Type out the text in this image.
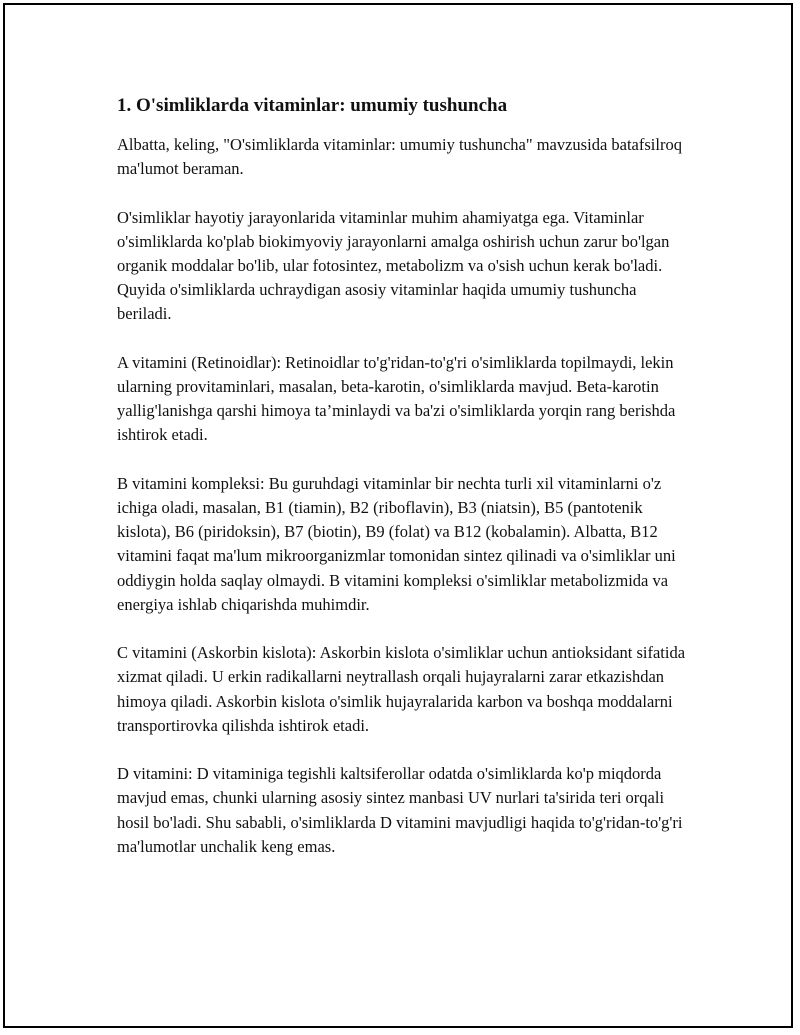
1. O'simliklarda vitaminlar: umumiy tushuncha

Albatta, keling, "O'simliklarda vitaminlar: umumiy tushuncha" mavzusida batafsilroq ma'lumot beraman.

O'simliklar hayotiy jarayonlarida vitaminlar muhim ahamiyatga ega. Vitaminlar o'simliklarda ko'plab biokimyoviy jarayonlarni amalga oshirish uchun zarur bo'lgan organik moddalar bo'lib, ular fotosintez, metabolizm va o'sish uchun kerak bo'ladi. Quyida o'simliklarda uchraydigan asosiy vitaminlar haqida umumiy tushuncha beriladi.

A vitamini (Retinoidlar): Retinoidlar to'g'ridan-to'g'ri o'simliklarda topilmaydi, lekin ularning provitaminlari, masalan, beta-karotin, o'simliklarda mavjud. Beta-karotin yallig'lanishga qarshi himoya ta’minlaydi va ba'zi o'simliklarda yorqin rang berishda ishtirok etadi.

B vitamini kompleksi: Bu guruhdagi vitaminlar bir nechta turli xil vitaminlarni o'z ichiga oladi, masalan, B1 (tiamin), B2 (riboflavin), B3 (niatsin), B5 (pantotenik kislota), B6 (piridoksin), B7 (biotin), B9 (folat) va B12 (kobalamin). Albatta, B12 vitamini faqat ma'lum mikroorganizmlar tomonidan sintez qilinadi va o'simliklar uni oddiygin holda saqlay olmaydi. B vitamini kompleksi o'simliklar metabolizmida va energiya ishlab chiqarishda muhimdir.

C vitamini (Askorbin kislota): Askorbin kislota o'simliklar uchun antioksidant sifatida xizmat qiladi. U erkin radikallarni neytrallash orqali hujayralarni zarar etkazishdan himoya qiladi. Askorbin kislota o'simlik hujayralarida karbon va boshqa moddalarni transportirovka qilishda ishtirok etadi.

D vitamini: D vitaminiga tegishli kaltsiferollar odatda o'simliklarda ko'p miqdorda mavjud emas, chunki ularning asosiy sintez manbasi UV nurlari ta'sirida teri orqali hosil bo'ladi. Shu sababli, o'simliklarda D vitamini mavjudligi haqida to'g'ridan-to'g'ri ma'lumotlar unchalik keng emas.
